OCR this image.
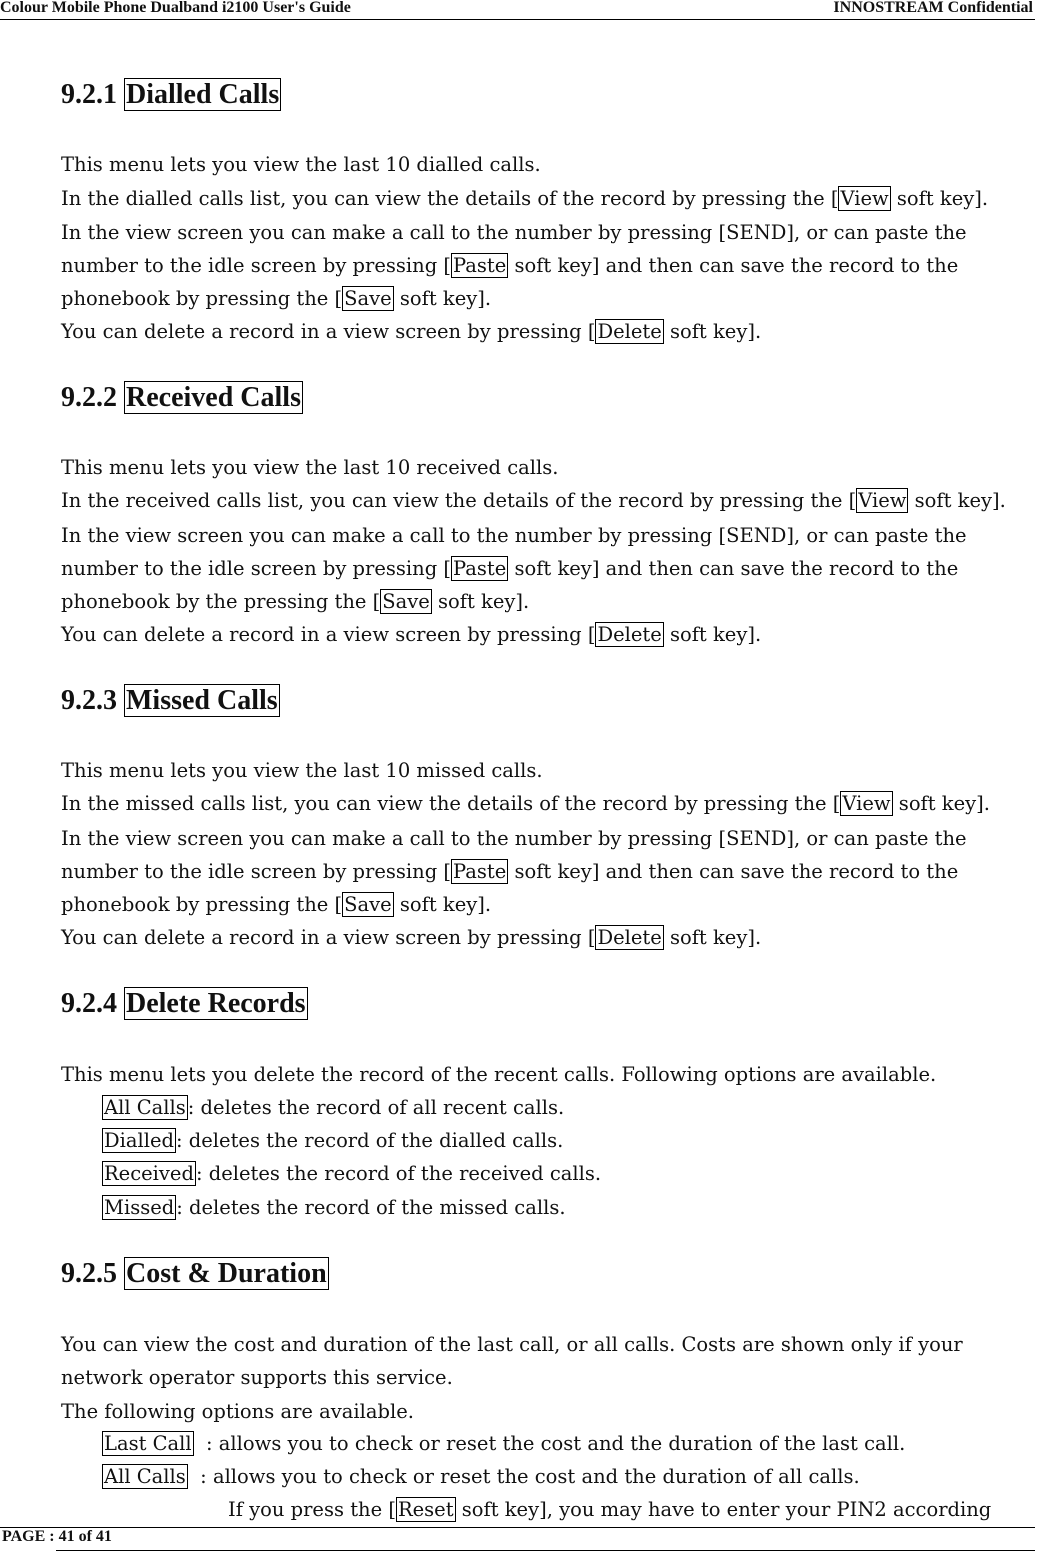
Colour Mobile Phone Dualband i2100 User's Guide	INNOSTREAM Confidential
9.2.1 Dialled Calls

This menu lets you view the last 10 dialled calls.

In the dialled calls list, you can view the details of the record by pressing the [ View soft key].

In the view screen you can make a call to the number by pressing [SEND], or can paste the

number to the idle screen by pressing [ Paste soft key] and then can save the record to the

phonebook by pressing the [ Save soft key].

You can delete a record in a view screen by pressing [ Delete soft key].

9.2.2 Received Calls

This menu lets you view the last 10 received calls.

In the received calls list, you can view the details of the record by pressing the [ View soft key].

In the view screen you can make a call to the number by pressing [SEND], or can paste the

number to the idle screen by pressing [ Paste soft key] and then can save the record to the

phonebook by the pressing the [ Save soft key].

You can delete a record in a view screen by pressing [ Delete soft key].

9.2.3 Missed Calls

This menu lets you view the last 10 missed calls.

In the missed calls list, you can view the details of the record by pressing the [ View soft key].

In the view screen you can make a call to the number by pressing [SEND], or can paste the

number to the idle screen by pressing [ Paste soft key] and then can save the record to the

phonebook by pressing the [ Save soft key].

You can delete a record in a view screen by pressing [ Delete soft key].

9.2.4 Delete Records

This menu lets you delete the record of the recent calls. Following options are available.

All Calls : deletes the record of all recent calls.

Dialled : deletes the record of the dialled calls.

Received : deletes the record of the received calls.

Missed : deletes the record of the missed calls.

9.2.5 Cost & Duration

You can view the cost and duration of the last call, or all calls. Costs are shown only if your

network operator supports this service.

The following options are available.

Last Call  : allows you to check or reset the cost and the duration of the last call.

All Calls  : allows you to check or reset the cost and the duration of all calls.

If you press the [ Reset soft key], you may have to enter your PIN2 according

PAGE : 41 of 41
